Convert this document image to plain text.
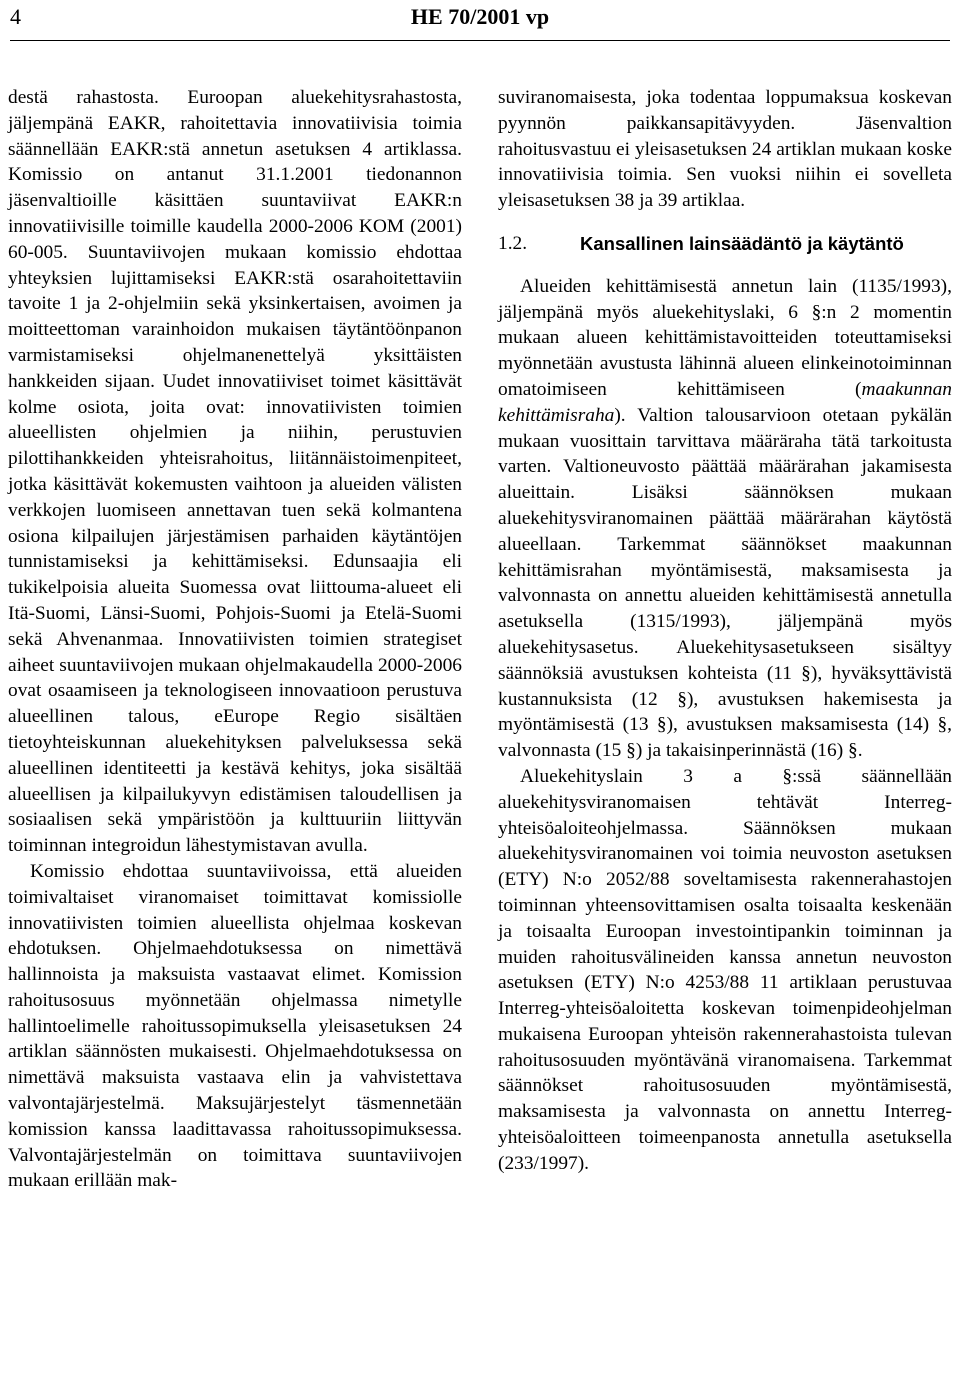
4	HE 70/2001 vp

destä rahastosta. Euroopan aluekehitysrahastosta, jäljempänä EAKR, rahoitettavia innovatiivisia toimia säännellään EAKR:stä annetun asetuksen 4 artiklassa. Komissio on antanut 31.1.2001 tiedonannon jäsenvaltioille käsittäen suuntaviivat EAKR:n innovatiivisille toimille kaudella 2000-2006 KOM (2001) 60-005. Suuntaviivojen mukaan komissio ehdottaa yhteyksien lujittamiseksi EAKR:stä osarahoitettaviin tavoite 1 ja 2-ohjelmiin sekä yksinkertaisen, avoimen ja moitteettoman varainhoidon mukaisen täytäntöönpanon varmistamiseksi ohjelmanenettelyä yksittäisten hankkeiden sijaan. Uudet innovatiiviset toimet käsittävät kolme osiota, joita ovat: innovatiivisten toimien alueellisten ohjelmien ja niihin, perustuvien pilottihankkeiden yhteisrahoitus, liitännäistoimenpiteet, jotka käsittävät kokemusten vaihtoon ja alueiden välisten verkkojen luomiseen annettavan tuen sekä kolmantena osiona kilpailujen järjestämisen parhaiden käytäntöjen tunnistamiseksi ja kehittämiseksi. Edunsaajia eli tukikelpoisia alueita Suomessa ovat liittouma-alueet eli Itä-Suomi, Länsi-Suomi, Pohjois-Suomi ja Etelä-Suomi sekä Ahvenanmaa. Innovatiivisten toimien strategiset aiheet suuntaviivojen mukaan ohjelmakaudella 2000-2006 ovat osaamiseen ja teknologiseen innovaatioon perustuva alueellinen talous, eEurope Regio sisältäen tietoyhteiskunnan aluekehityksen palveluksessa sekä alueellinen identiteetti ja kestävä kehitys, joka sisältää alueellisen ja kilpailukyvyn edistämisen taloudellisen ja sosiaalisen sekä ympäristöön ja kulttuuriin liittyvän toiminnan integroidun lähestymistavan avulla.

Komissio ehdottaa suuntaviivoissa, että alueiden toimivaltaiset viranomaiset toimittavat komissiolle innovatiivisten toimien alueellista ohjelmaa koskevan ehdotuksen. Ohjelmaehdotuksessa on nimettävä hallinnoista ja maksuista vastaavat elimet. Komission rahoitusosuus myönnetään ohjelmassa nimetylle hallintoelimelle rahoitussopimuksella yleisasetuksen 24 artiklan säännösten mukaisesti. Ohjelmaehdotuksessa on nimettävä maksuista vastaava elin ja vahvistettava valvontajärjestelmä. Maksujärjestelyt täsmennetään komission kanssa laadittavassa rahoitussopimuksessa. Valvontajärjestelmän on toimittava suuntaviivojen mukaan erillään mak-

suviranomaisesta, joka todentaa loppumaksua koskevan pyynnön paikkansapitävyyden. Jäsenvaltion rahoitusvastuu ei yleisasetuksen 24 artiklan mukaan koske innovatiivisia toimia. Sen vuoksi niihin ei sovelleta yleisasetuksen 38 ja 39 artiklaa.

1.2.	Kansallinen lainsäädäntö ja käytäntö

Alueiden kehittämisestä annetun lain (1135/1993), jäljempänä myös aluekehityslaki, 6 §:n 2 momentin mukaan alueen kehittämistavoitteiden toteuttamiseksi myönnetään avustusta lähinnä alueen elinkeinotoiminnan omatoimiseen kehittämiseen (maakunnan kehittämisraha). Valtion talousarvioon otetaan pykälän mukaan vuosittain tarvittava määräraha tätä tarkoitusta varten. Valtioneuvosto päättää määrärahan jakamisesta alueittain. Lisäksi säännöksen mukaan aluekehitysviranomainen päättää määrärahan käytöstä alueellaan. Tarkemmat säännökset maakunnan kehittämisrahan myöntämisestä, maksamisesta ja valvonnasta on annettu alueiden kehittämisestä annetulla asetuksella (1315/1993), jäljempänä myös aluekehitysasetus. Aluekehitysasetukseen sisältyy säännöksiä avustuksen kohteista (11 §), hyväksyttävistä kustannuksista (12 §), avustuksen hakemisesta ja myöntämisestä (13 §), avustuksen maksamisesta (14) §, valvonnasta (15 §) ja takaisinperinnästä (16) §.

Aluekehityslain 3 a §:ssä säännellään aluekehitysviranomaisen tehtävät Interreg-yhteisöaloiteohjelmassa. Säännöksen mukaan aluekehitysviranomainen voi toimia neuvoston asetuksen (ETY) N:o 2052/88 soveltamisesta rakennerahastojen toiminnan yhteensovittamisen osalta toisaalta keskenään ja toisaalta Euroopan investointipankin toiminnan ja muiden rahoitusvälineiden kanssa annetun neuvoston asetuksen (ETY) N:o 4253/88 11 artiklaan perustuvaa Interreg-yhteisöaloitetta koskevan toimenpideohjelman mukaisena Euroopan yhteisön rakennerahastoista tulevan rahoitusosuuden myöntävänä viranomaisena. Tarkemmat säännökset rahoitusosuuden myöntämisestä, maksamisesta ja valvonnasta on annettu Interreg-yhteisöaloitteen toimeenpanosta annetulla asetuksella (233/1997).
